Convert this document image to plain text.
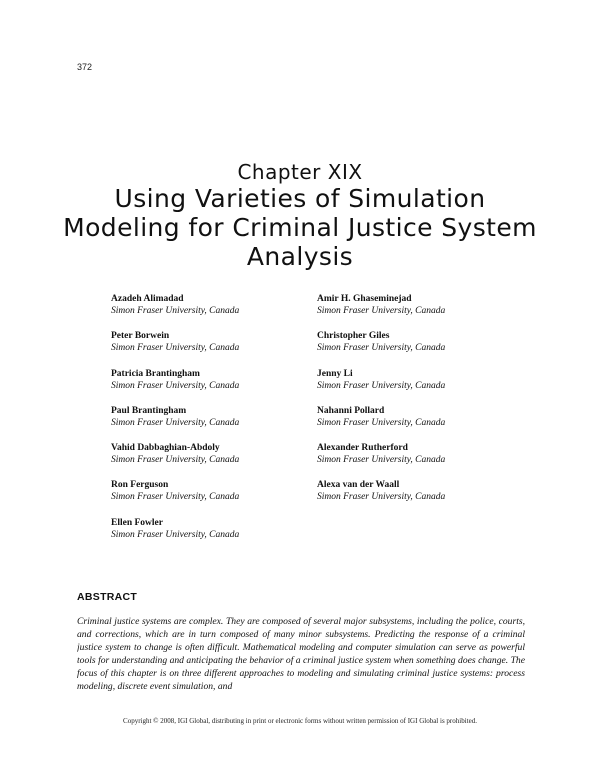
372
Chapter XIX
Using Varieties of Simulation Modeling for Criminal Justice System Analysis
Azadeh Alimadad
Simon Fraser University, Canada
Peter Borwein
Simon Fraser University, Canada
Patricia Brantingham
Simon Fraser University, Canada
Paul Brantingham
Simon Fraser University, Canada
Vahid Dabbaghian-Abdoly
Simon Fraser University, Canada
Ron Ferguson
Simon Fraser University, Canada
Ellen Fowler
Simon Fraser University, Canada
Amir H. Ghaseminejad
Simon Fraser University, Canada
Christopher Giles
Simon Fraser University, Canada
Jenny Li
Simon Fraser University, Canada
Nahanni Pollard
Simon Fraser University, Canada
Alexander Rutherford
Simon Fraser University, Canada
Alexa van der Waall
Simon Fraser University, Canada
ABSTRACT
Criminal justice systems are complex. They are composed of several major subsystems, including the police, courts, and corrections, which are in turn composed of many minor subsystems. Predicting the response of a criminal justice system to change is often difficult. Mathematical modeling and computer simulation can serve as powerful tools for understanding and anticipating the behavior of a criminal justice system when something does change. The focus of this chapter is on three different approaches to modeling and simulating criminal justice systems: process modeling, discrete event simulation, and
Copyright © 2008, IGI Global, distributing in print or electronic forms without written permission of IGI Global is prohibited.
